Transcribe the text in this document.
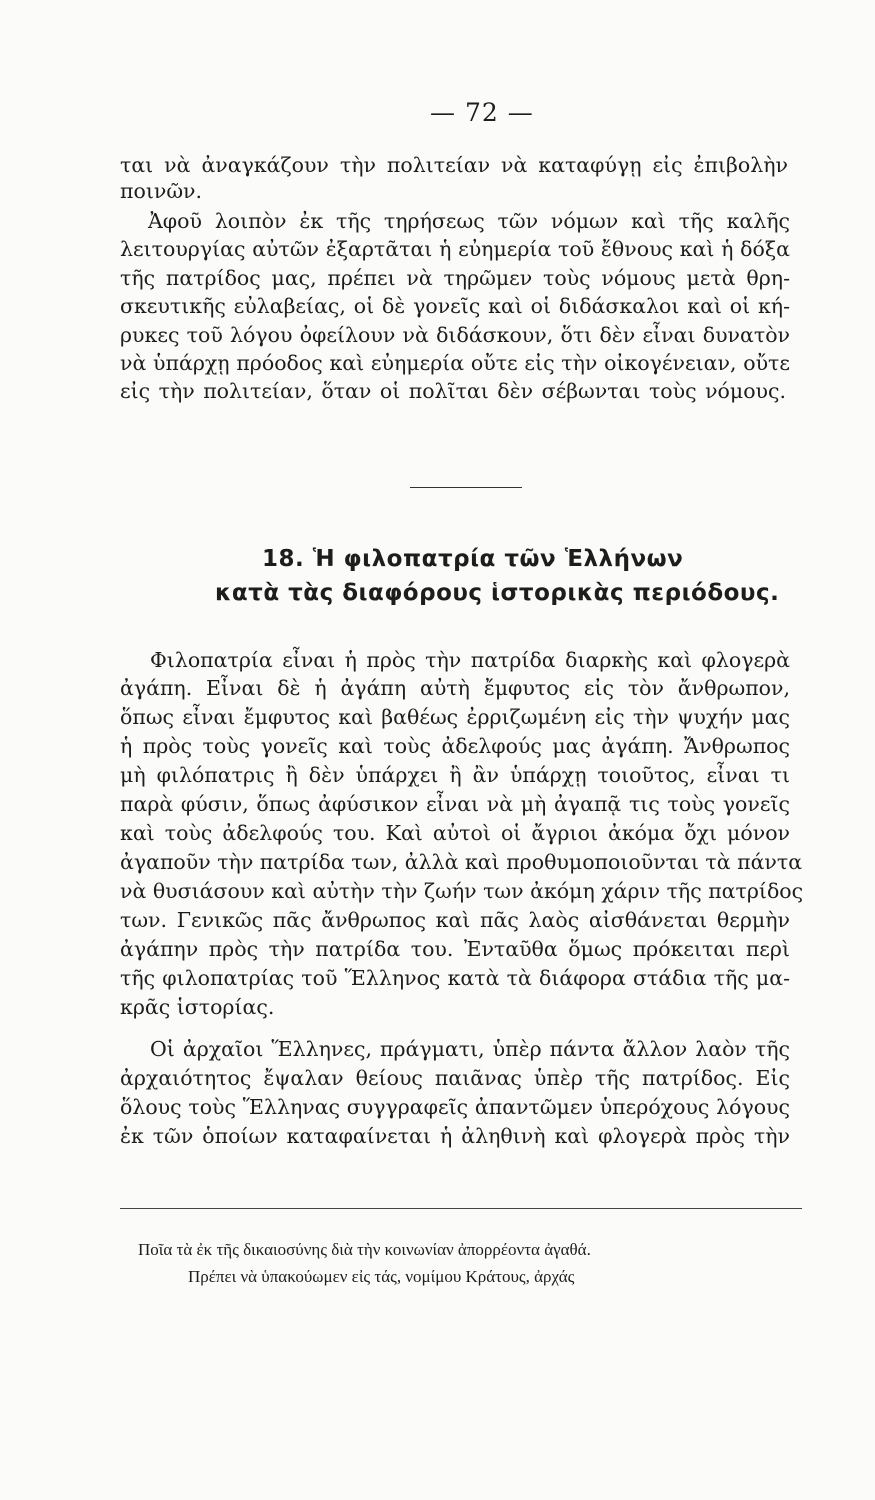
— 72 —
ται νὰ ἀναγκάζουν τὴν πολιτείαν νὰ καταφύγῃ εἰς ἐπιβολὴν
ποινῶν.
Ἀφοῦ λοιπὸν ἐκ τῆς τηρήσεως τῶν νόμων καὶ τῆς καλῆς
λειτουργίας αὐτῶν ἐξαρτᾶται ἡ εὐημερία τοῦ ἔθνους καὶ ἡ δόξα
τῆς πατρίδος μας, πρέπει νὰ τηρῶμεν τοὺς νόμους μετὰ θρη-
σκευτικῆς εὐλαβείας, οἱ δὲ γονεῖς καὶ οἱ διδάσκαλοι καὶ οἱ κή-
ρυκες τοῦ λόγου ὀφείλουν νὰ διδάσκουν, ὅτι δὲν εἶναι δυνατὸν
νὰ ὑπάρχῃ πρόοδος καὶ εὐημερία οὔτε εἰς τὴν οἰκογένειαν, οὔτε
εἰς τὴν πολιτείαν, ὅταν οἱ πολῖται δὲν σέβωνται τοὺς νόμους.
18. Ἡ φιλοπατρία τῶν Ἑλλήνων
κατὰ τὰς διαφόρους ἱστορικὰς περιόδους.
Φιλοπατρία εἶναι ἡ πρὸς τὴν πατρίδα διαρκὴς καὶ φλογερὰ
ἀγάπη. Εἶναι δὲ ἡ ἀγάπη αὐτὴ ἔμφυτος εἰς τὸν ἄνθρωπον,
ὅπως εἶναι ἔμφυτος καὶ βαθέως ἐρριζωμένη εἰς τὴν ψυχήν μας
ἡ πρὸς τοὺς γονεῖς καὶ τοὺς ἀδελφούς μας ἀγάπη. Ἄνθρωπος
μὴ φιλόπατρις ἢ δὲν ὑπάρχει ἢ ἂν ὑπάρχῃ τοιοῦτος, εἶναι τι
παρὰ φύσιν, ὅπως ἀφύσικον εἶναι νὰ μὴ ἀγαπᾷ τις τοὺς γονεῖς
καὶ τοὺς ἀδελφούς του. Καὶ αὐτοὶ οἱ ἄγριοι ἀκόμα ὄχι μόνον
ἀγαποῦν τὴν πατρίδα των, ἀλλὰ καὶ προθυμοποιοῦνται τὰ πάντα
νὰ θυσιάσουν καὶ αὐτὴν τὴν ζωήν των ἀκόμη χάριν τῆς πατρίδος
των. Γενικῶς πᾶς ἄνθρωπος καὶ πᾶς λαὸς αἰσθάνεται θερμὴν
ἀγάπην πρὸς τὴν πατρίδα του. Ἐνταῦθα ὅμως πρόκειται περὶ
τῆς φιλοπατρίας τοῦ Ἕλληνος κατὰ τὰ διάφορα στάδια τῆς μα-
κρᾶς ἱστορίας.
Οἱ ἀρχαῖοι Ἕλληνες, πράγματι, ὑπὲρ πάντα ἄλλον λαὸν τῆς
ἀρχαιότητος ἔψαλαν θείους παιᾶνας ὑπὲρ τῆς πατρίδος. Εἰς
ὅλους τοὺς Ἕλληνας συγγραφεῖς ἀπαντῶμεν ὑπερόχους λόγους
ἐκ τῶν ὁποίων καταφαίνεται ἡ ἀληθινὴ καὶ φλογερὰ πρὸς τὴν
Ποῖα τὰ ἐκ τῆς δικαιοσύνης διὰ τὴν κοινωνίαν ἀπορρέοντα ἀγαθά.
Πρέπει νὰ ὑπακούωμεν εἰς τάς, νομίμου Κράτους, ἀρχάς
